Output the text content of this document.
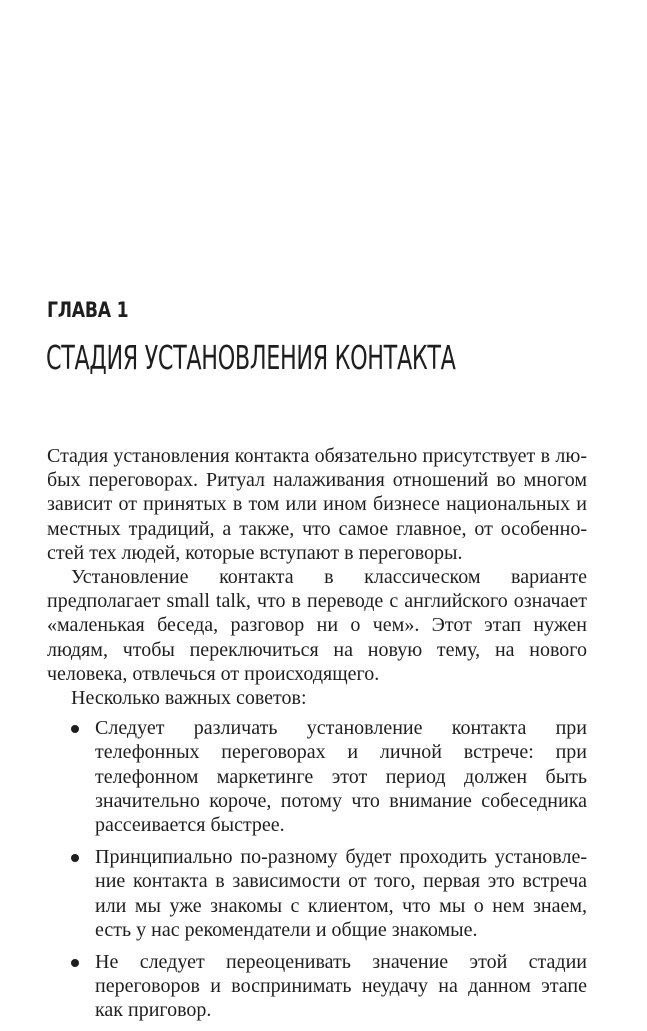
ГЛАВА 1
СТАДИЯ УСТАНОВЛЕНИЯ КОНТАКТА

Стадия установления контакта обязательно присутствует в любых переговорах. Ритуал налаживания отношений во многом зависит от принятых в том или ином бизнесе национальных и местных традиций, а также, что самое главное, от особенностей тех людей, которые вступают в переговоры.

Установление контакта в классическом варианте предполагает small talk, что в переводе с английского означает «маленькая беседа, разговор ни о чем». Этот этап нужен людям, чтобы переключиться на новую тему, на нового человека, отвлечься от происходящего.

Несколько важных советов:

Следует различать установление контакта при телефонных переговорах и личной встрече: при телефонном маркетинге этот период должен быть значительно короче, потому что внимание собеседника рассеивается быстрее.
Принципиально по-разному будет проходить установление контакта в зависимости от того, первая это встреча или мы уже знакомы с клиентом, что мы о нем знаем, есть у нас рекомендатели и общие знакомые.
Не следует переоценивать значение этой стадии переговоров и воспринимать неудачу на данном этапе как приговор.
